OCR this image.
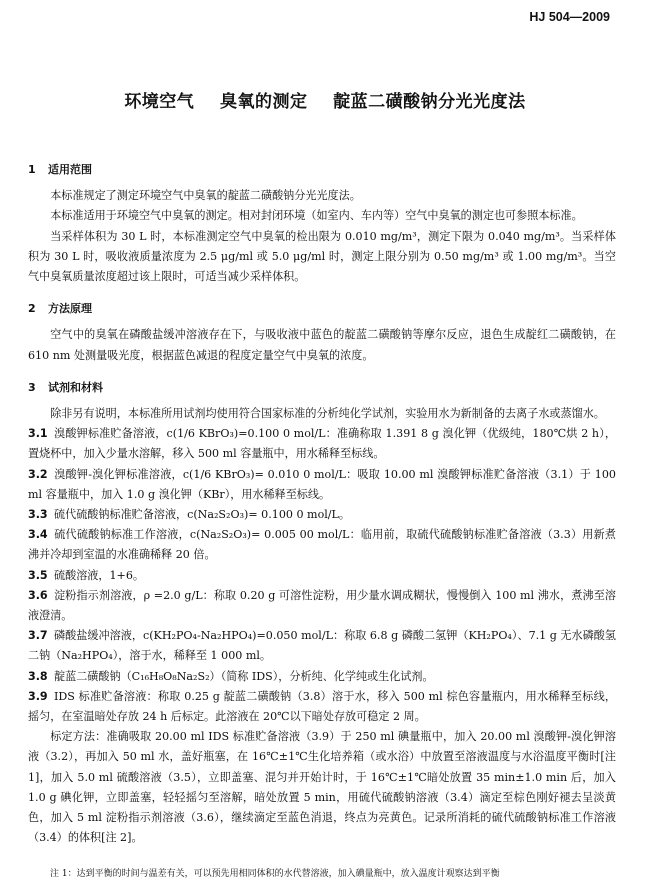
HJ 504—2009
环境空气    臭氧的测定    靛蓝二磺酸钠分光光度法
1 适用范围

本标准规定了测定环境空气中臭氧的靛蓝二磺酸钠分光光度法。

本标准适用于环境空气中臭氧的测定。相对封闭环境（如室内、车内等）空气中臭氧的测定也可参照本标准。

当采样体积为 30 L 时，本标准测定空气中臭氧的检出限为 0.010 mg/m³，测定下限为 0.040 mg/m³。当采样体积为 30 L 时，吸收液质量浓度为 2.5 μg/ml 或 5.0 μg/ml 时，测定上限分别为 0.50 mg/m³ 或 1.00 mg/m³。当空气中臭氧质量浓度超过该上限时，可适当减少采样体积。

2 方法原理

空气中的臭氧在磷酸盐缓冲溶液存在下，与吸收液中蓝色的靛蓝二磺酸钠等摩尔反应，退色生成靛红二磺酸钠，在 610 nm 处测量吸光度，根据蓝色减退的程度定量空气中臭氧的浓度。

3 试剂和材料

除非另有说明，本标准所用试剂均使用符合国家标准的分析纯化学试剂，实验用水为新制备的去离子水或蒸馏水。

3.1 溴酸钾标准贮备溶液，c(1/6 KBrO₃)=0.100 0 mol/L：准确称取 1.391 8 g 溴化钾（优级纯，180℃烘 2 h），置烧杯中，加入少量水溶解，移入 500 ml 容量瓶中，用水稀释至标线。

3.2 溴酸钾-溴化钾标准溶液，c(1/6 KBrO₃)= 0.010 0 mol/L：吸取 10.00 ml 溴酸钾标准贮备溶液（3.1）于 100 ml 容量瓶中，加入 1.0 g 溴化钾（KBr），用水稀释至标线。

3.3 硫代硫酸钠标准贮备溶液，c(Na₂S₂O₃)= 0.100 0 mol/L。

3.4 硫代硫酸钠标准工作溶液，c(Na₂S₂O₃)= 0.005 00 mol/L：临用前，取硫代硫酸钠标准贮备溶液（3.3）用新煮沸并冷却到室温的水准确稀释 20 倍。

3.5 硫酸溶液，1+6。

3.6 淀粉指示剂溶液，ρ =2.0 g/L：称取 0.20 g 可溶性淀粉，用少量水调成糊状，慢慢倒入 100 ml 沸水，煮沸至溶液澄清。

3.7 磷酸盐缓冲溶液，c(KH₂PO₄-Na₂HPO₄)=0.050 mol/L：称取 6.8 g 磷酸二氢钾（KH₂PO₄）、7.1 g 无水磷酸氢二钠（Na₂HPO₄），溶于水，稀释至 1 000 ml。

3.8 靛蓝二磺酸钠（C₁₆H₈O₈Na₂S₂）（简称 IDS），分析纯、化学纯或生化试剂。

3.9 IDS 标准贮备溶液：称取 0.25 g 靛蓝二磺酸钠（3.8）溶于水，移入 500 ml 棕色容量瓶内，用水稀释至标线，摇匀，在室温暗处存放 24 h 后标定。此溶液在 20℃以下暗处存放可稳定 2 周。

标定方法：准确吸取 20.00 ml IDS 标准贮备溶液（3.9）于 250 ml 碘量瓶中，加入 20.00 ml 溴酸钾-溴化钾溶液（3.2），再加入 50 ml 水，盖好瓶塞，在 16℃±1℃生化培养箱（或水浴）中放置至溶液温度与水浴温度平衡时[注 1]，加入 5.0 ml 硫酸溶液（3.5），立即盖塞、混匀并开始计时，于 16℃±1℃暗处放置 35 min±1.0 min 后，加入 1.0 g 碘化钾，立即盖塞，轻轻摇匀至溶解，暗处放置 5 min，用硫代硫酸钠溶液（3.4）滴定至棕色刚好褪去呈淡黄色，加入 5 ml 淀粉指示剂溶液（3.6），继续滴定至蓝色消退，终点为亮黄色。记录所消耗的硫代硫酸钠标准工作溶液（3.4）的体积[注 2]。

注 1：达到平衡的时间与温差有关，可以预先用相同体积的水代替溶液，加入碘量瓶中，放入温度计观察达到平衡
